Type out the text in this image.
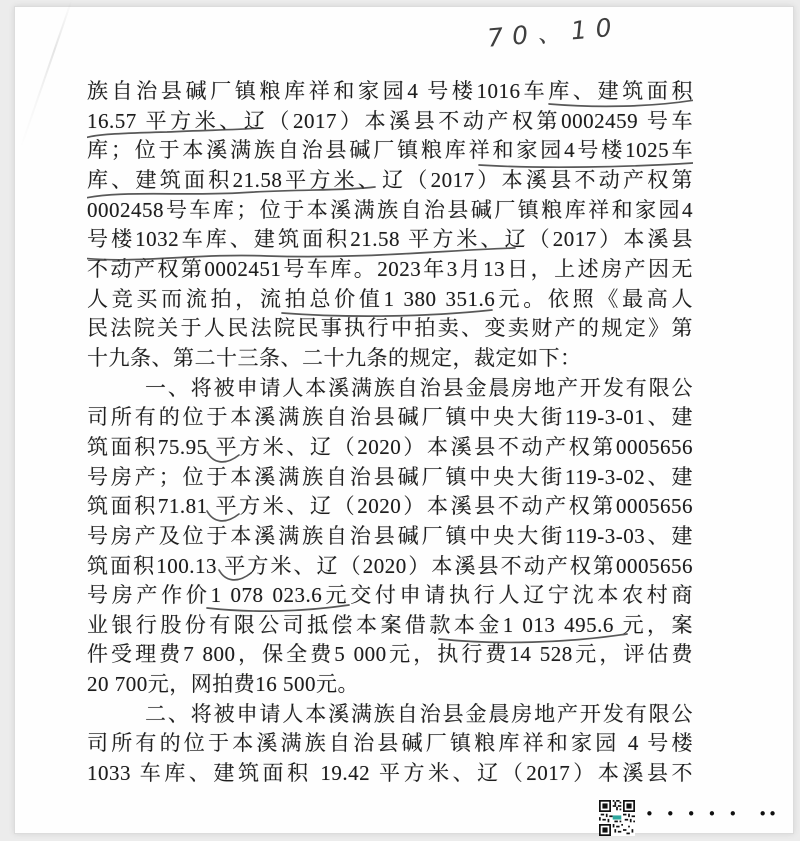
70、10
族自治县碱厂镇粮库祥和家园4 号楼1016车库、建筑面积
16.57 平方米、辽（2017）本溪县不动产权第0002459 号车
库；位于本溪满族自治县碱厂镇粮库祥和家园4号楼1025车
库、建筑面积21.58平方米、辽（2017）本溪县不动产权第
0002458号车库；位于本溪满族自治县碱厂镇粮库祥和家园4
号楼1032车库、建筑面积21.58 平方米、辽（2017）本溪县
不动产权第0002451号车库。2023年3月13日，上述房产因无
人竞买而流拍，流拍总价值1 380 351.6元。依照《最高人
民法院关于人民法院民事执行中拍卖、变卖财产的规定》第
十九条、第二十三条、二十九条的规定，裁定如下：
一、将被申请人本溪满族自治县金晨房地产开发有限公
司所有的位于本溪满族自治县碱厂镇中央大街119-3-01、建
筑面积75.95 平方米、辽（2020）本溪县不动产权第0005656
号房产；位于本溪满族自治县碱厂镇中央大街119-3-02、建
筑面积71.81 平方米、辽（2020）本溪县不动产权第0005656
号房产及位于本溪满族自治县碱厂镇中央大街119-3-03、建
筑面积100.13 平方米、辽（2020）本溪县不动产权第0005656
号房产作价1 078 023.6元交付申请执行人辽宁沈本农村商
业银行股份有限公司抵偿本案借款本金1 013 495.6 元，案
件受理费7 800，保全费5 000元，执行费14 528元，评估费
20 700元，网拍费16 500元。
二、将被申请人本溪满族自治县金晨房地产开发有限公
司所有的位于本溪满族自治县碱厂镇粮库祥和家园 4 号楼
1033 车库、建筑面积 19.42 平方米、辽（2017）本溪县不
••••• ••
